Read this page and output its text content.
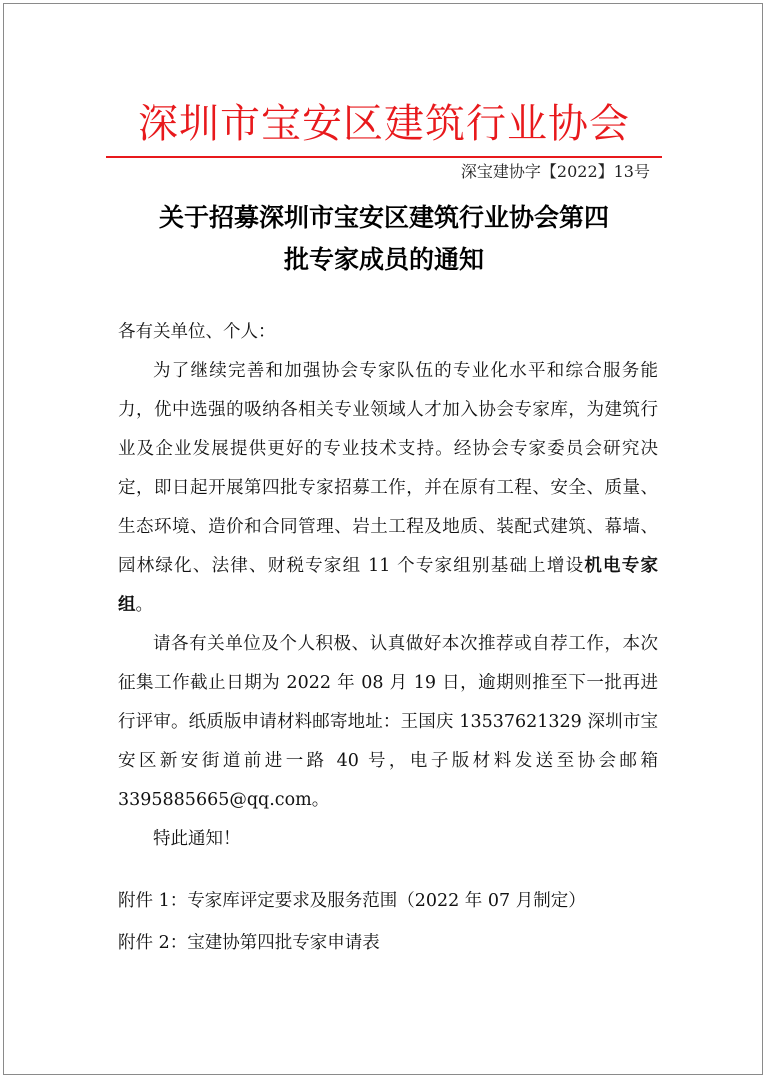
深圳市宝安区建筑行业协会
深宝建协字【2022】13号
关于招募深圳市宝安区建筑行业协会第四
批专家成员的通知

各有关单位、个人：

为了继续完善和加强协会专家队伍的专业化水平和综合服务能力，优中选强的吸纳各相关专业领域人才加入协会专家库，为建筑行业及企业发展提供更好的专业技术支持。经协会专家委员会研究决定，即日起开展第四批专家招募工作，并在原有工程、安全、质量、生态环境、造价和合同管理、岩土工程及地质、装配式建筑、幕墙、园林绿化、法律、财税专家组 11 个专家组别基础上增设机电专家组。

请各有关单位及个人积极、认真做好本次推荐或自荐工作，本次征集工作截止日期为 2022 年 08 月 19 日，逾期则推至下一批再进行评审。纸质版申请材料邮寄地址：王国庆 13537621329 深圳市宝安区新安街道前进一路 40 号，电子版材料发送至协会邮箱 3395885665@qq.com。

特此通知！

附件 1：专家库评定要求及服务范围（2022 年 07 月制定）
附件 2：宝建协第四批专家申请表
